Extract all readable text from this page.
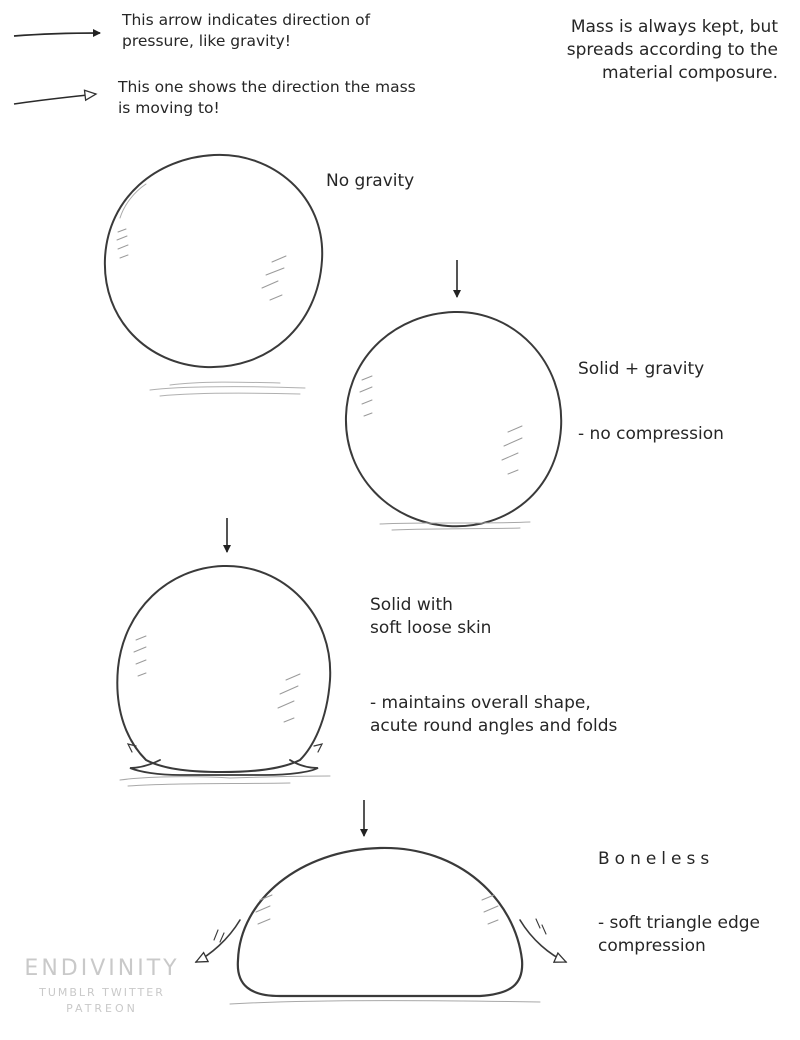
This arrow indicates direction of
pressure, like gravity!
This one shows the direction the mass
is moving to!
Mass is always kept, but
spreads according to the
material composure.
No gravity
Solid + gravity
- no compression
Solid with
soft loose skin
- maintains overall shape,
acute round angles and folds
Boneless
- soft triangle edge
compression
ENDIVINITY
TUMBLR TWITTER
PATREON
